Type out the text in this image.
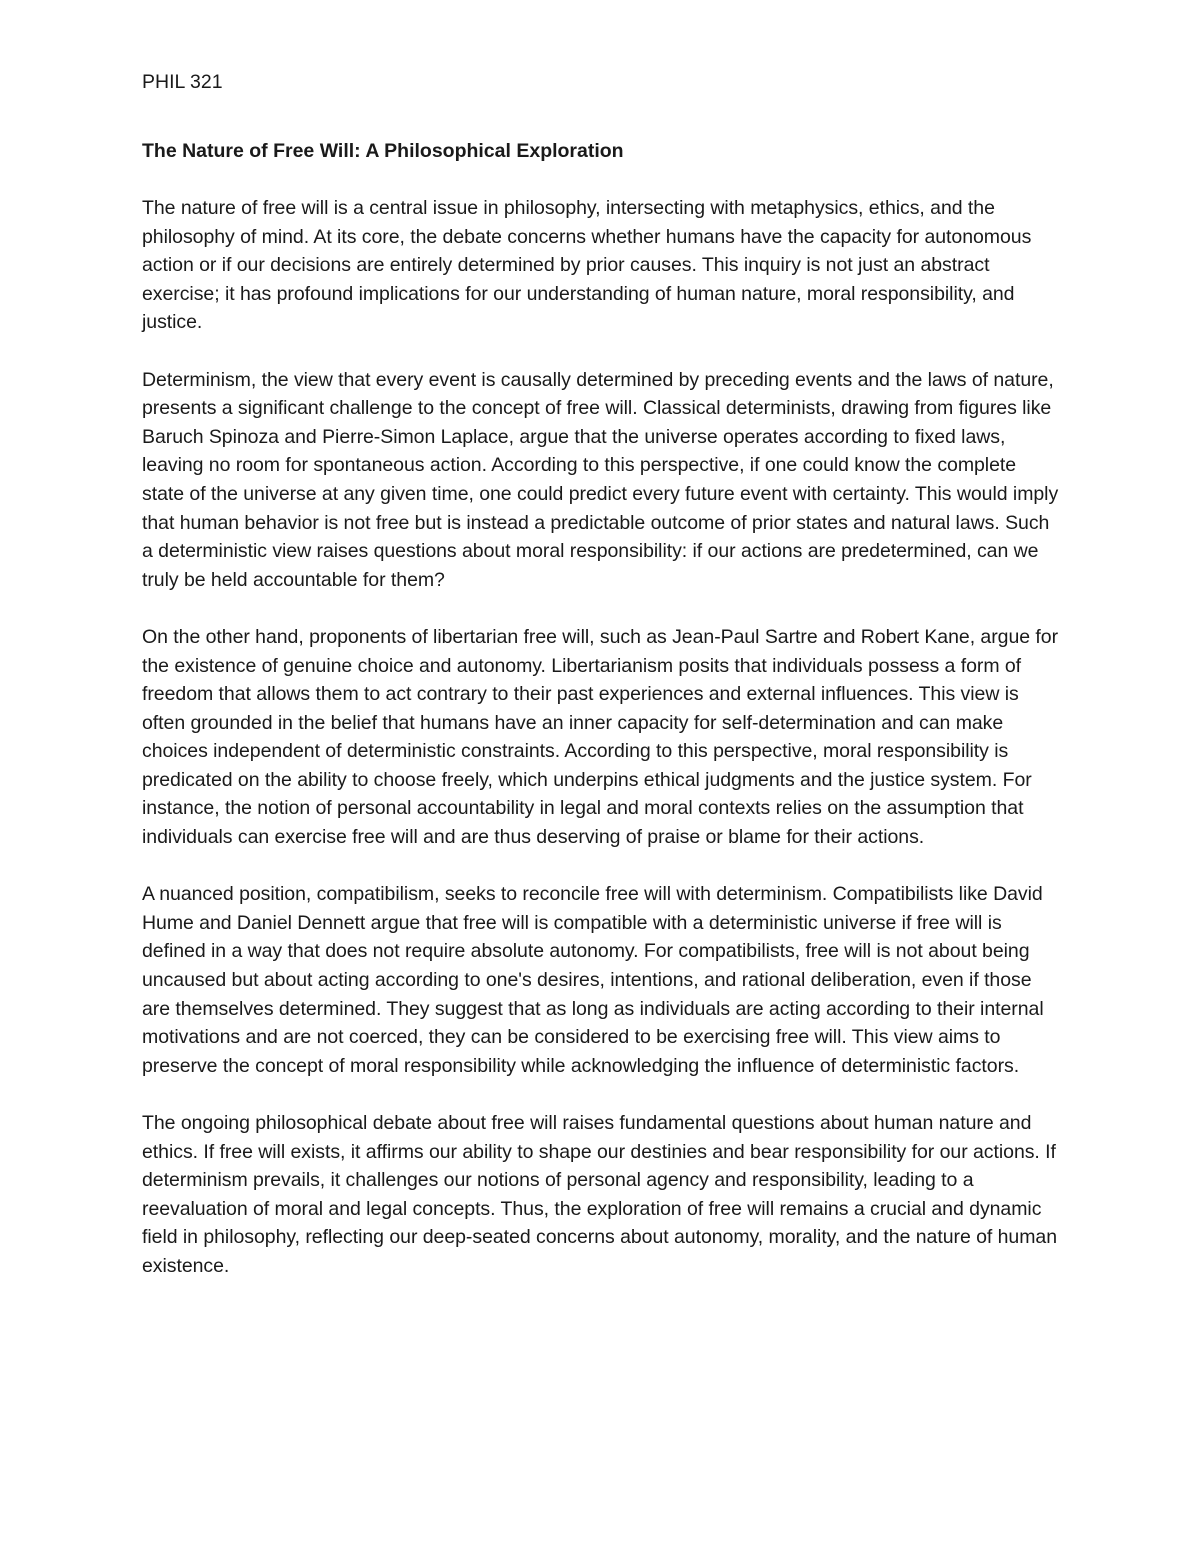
PHIL 321
The Nature of Free Will: A Philosophical Exploration

The nature of free will is a central issue in philosophy, intersecting with metaphysics, ethics, and the philosophy of mind. At its core, the debate concerns whether humans have the capacity for autonomous action or if our decisions are entirely determined by prior causes. This inquiry is not just an abstract exercise; it has profound implications for our understanding of human nature, moral responsibility, and justice.

Determinism, the view that every event is causally determined by preceding events and the laws of nature, presents a significant challenge to the concept of free will. Classical determinists, drawing from figures like Baruch Spinoza and Pierre-Simon Laplace, argue that the universe operates according to fixed laws, leaving no room for spontaneous action. According to this perspective, if one could know the complete state of the universe at any given time, one could predict every future event with certainty. This would imply that human behavior is not free but is instead a predictable outcome of prior states and natural laws. Such a deterministic view raises questions about moral responsibility: if our actions are predetermined, can we truly be held accountable for them?

On the other hand, proponents of libertarian free will, such as Jean-Paul Sartre and Robert Kane, argue for the existence of genuine choice and autonomy. Libertarianism posits that individuals possess a form of freedom that allows them to act contrary to their past experiences and external influences. This view is often grounded in the belief that humans have an inner capacity for self-determination and can make choices independent of deterministic constraints. According to this perspective, moral responsibility is predicated on the ability to choose freely, which underpins ethical judgments and the justice system. For instance, the notion of personal accountability in legal and moral contexts relies on the assumption that individuals can exercise free will and are thus deserving of praise or blame for their actions.

A nuanced position, compatibilism, seeks to reconcile free will with determinism. Compatibilists like David Hume and Daniel Dennett argue that free will is compatible with a deterministic universe if free will is defined in a way that does not require absolute autonomy. For compatibilists, free will is not about being uncaused but about acting according to one's desires, intentions, and rational deliberation, even if those are themselves determined. They suggest that as long as individuals are acting according to their internal motivations and are not coerced, they can be considered to be exercising free will. This view aims to preserve the concept of moral responsibility while acknowledging the influence of deterministic factors.

The ongoing philosophical debate about free will raises fundamental questions about human nature and ethics. If free will exists, it affirms our ability to shape our destinies and bear responsibility for our actions. If determinism prevails, it challenges our notions of personal agency and responsibility, leading to a reevaluation of moral and legal concepts. Thus, the exploration of free will remains a crucial and dynamic field in philosophy, reflecting our deep-seated concerns about autonomy, morality, and the nature of human existence.
